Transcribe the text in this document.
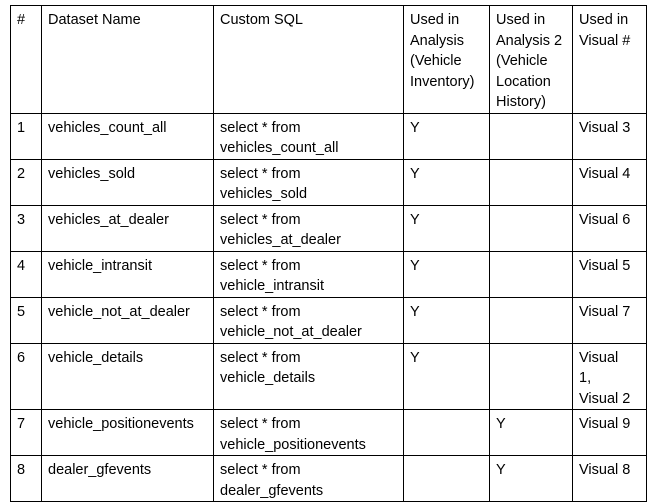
#	Dataset Name	Custom SQL	Used in
Analysis
(Vehicle
Inventory)	Used in
Analysis 2
(Vehicle
Location
History)	Used in
Visual #

1	vehicles_count_all	select * from
vehicles_count_all	Y		Visual 3

2	vehicles_sold	select * from
vehicles_sold	Y		Visual 4

3	vehicles_at_dealer	select * from
vehicles_at_dealer	Y		Visual 6

4	vehicle_intransit	select * from
vehicle_intransit	Y		Visual 5

5	vehicle_not_at_dealer	select * from
vehicle_not_at_dealer	Y		Visual 7

6	vehicle_details	select * from
vehicle_details	Y		Visual
1,
Visual 2

7	vehicle_positionevents	select * from
vehicle_positionevents		Y	Visual 9

8	dealer_gfevents	select * from
dealer_gfevents		Y	Visual 8
